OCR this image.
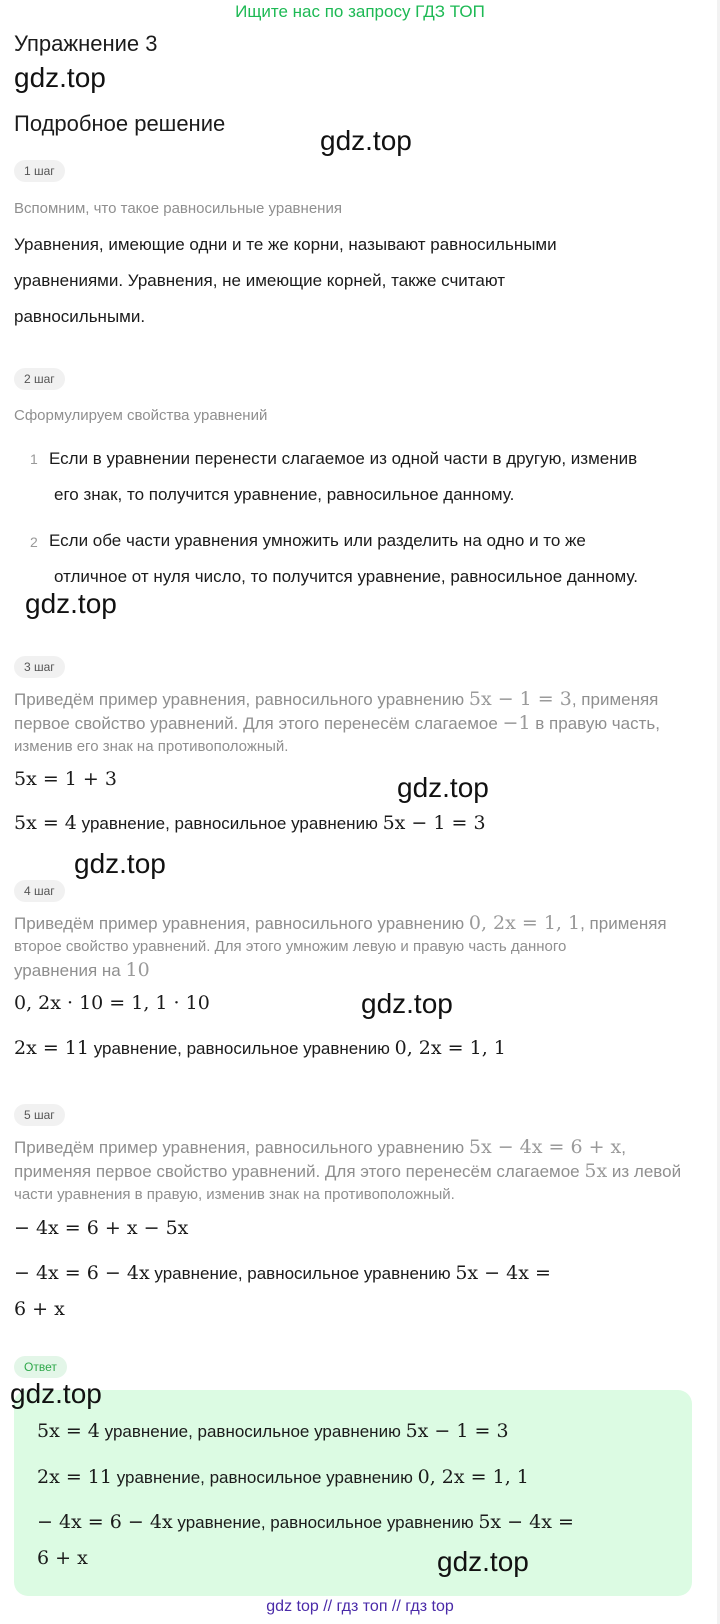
Ищите нас по запросу ГДЗ ТОП
Упражнение 3
gdz.top
Подробное решение
gdz.top
1 шаг
Вспомним, что такое равносильные уравнения
Уравнения, имеющие одни и те же корни, называют равносильными
уравнениями. Уравнения, не имеющие корней, также считают
равносильными.
2 шаг
Сформулируем свойства уравнений
1 Если в уравнении перенести слагаемое из одной части в другую, изменив
его знак, то получится уравнение, равносильное данному.
2 Если обе части уравнения умножить или разделить на одно и то же
отличное от нуля число, то получится уравнение, равносильное данному.
gdz.top
3 шаг
Приведём пример уравнения, равносильного уравнению 5x − 1 = 3, применяя
первое свойство уравнений. Для этого перенесём слагаемое −1 в правую часть,
изменив его знак на противоположный.
5x = 1 + 3	gdz.top
5x = 4 уравнение, равносильное уравнению 5x − 1 = 3
gdz.top
4 шаг
Приведём пример уравнения, равносильного уравнению 0, 2x = 1, 1, применяя
второе свойство уравнений. Для этого умножим левую и правую часть данного
уравнения на 10
0, 2x · 10 = 1, 1 · 10	gdz.top
2x = 11 уравнение, равносильное уравнению 0, 2x = 1, 1
5 шаг
Приведём пример уравнения, равносильного уравнению 5x − 4x = 6 + x,
применяя первое свойство уравнений. Для этого перенесём слагаемое 5x из левой
части уравнения в правую, изменив знак на противоположный.
− 4x = 6 + x − 5x
− 4x = 6 − 4x уравнение, равносильное уравнению 5x − 4x =
6 + x
Ответ
gdz.top
5x = 4 уравнение, равносильное уравнению 5x − 1 = 3
2x = 11 уравнение, равносильное уравнению 0, 2x = 1, 1
− 4x = 6 − 4x уравнение, равносильное уравнению 5x − 4x =
6 + x	gdz.top
gdz top // гдз топ // гдз top
